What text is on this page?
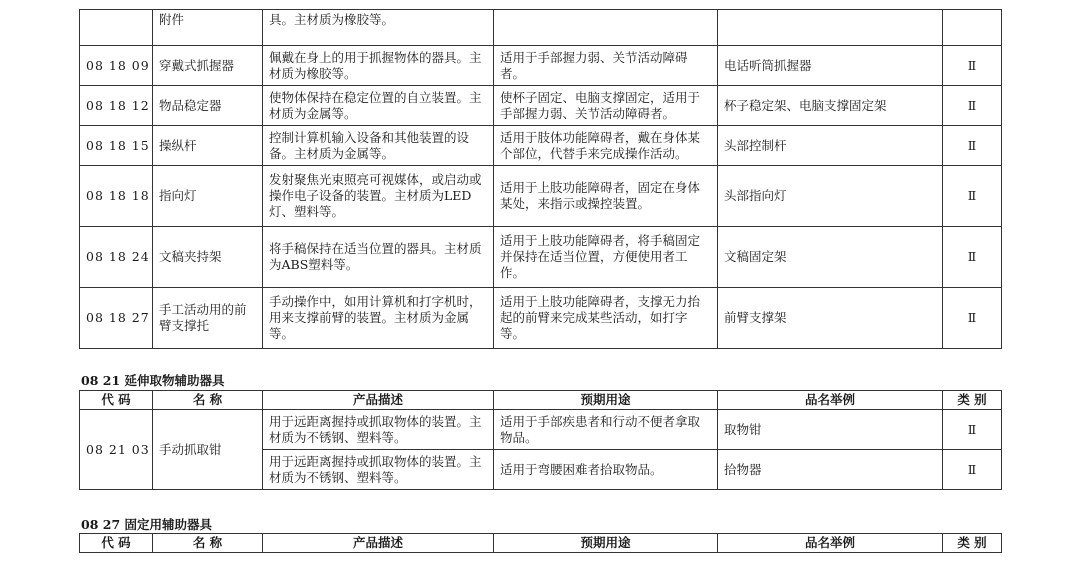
	附件	具。主材质为橡胶等。			
08 18 09	穿戴式抓握器	佩戴在身上的用于抓握物体的器具。主材质为橡胶等。	适用于手部握力弱、关节活动障碍者。	电话听筒抓握器	Ⅱ
08 18 12	物品稳定器	使物体保持在稳定位置的自立装置。主材质为金属等。	使杯子固定、电脑支撑固定，适用于手部握力弱、关节活动障碍者。	杯子稳定架、电脑支撑固定架	Ⅱ
08 18 15	操纵杆	控制计算机输入设备和其他装置的设备。主材质为金属等。	适用于肢体功能障碍者，戴在身体某个部位，代替手来完成操作活动。	头部控制杆	Ⅱ
08 18 18	指向灯	发射聚焦光束照亮可视媒体，或启动或操作电子设备的装置。主材质为LED灯、塑料等。	适用于上肢功能障碍者，固定在身体某处，来指示或操控装置。	头部指向灯	Ⅱ
08 18 24	文稿夹持架	将手稿保持在适当位置的器具。主材质为ABS塑料等。	适用于上肢功能障碍者，将手稿固定并保持在适当位置，方便使用者工作。	文稿固定架	Ⅱ
08 18 27	手工活动用的前臂支撑托	手动操作中，如用计算机和打字机时，用来支撑前臂的装置。主材质为金属等。	适用于上肢功能障碍者，支撑无力抬起的前臂来完成某些活动，如打字等。	前臂支撑架	Ⅱ
08 21 延伸取物辅助器具
代 码	名 称	产品描述	预期用途	品名举例	类 别
08 21 03	手动抓取钳	用于远距离握持或抓取物体的装置。主材质为不锈钢、塑料等。	适用于手部疾患者和行动不便者拿取物品。	取物钳	Ⅱ
		用于远距离握持或抓取物体的装置。主材质为不锈钢、塑料等。	适用于弯腰困难者拾取物品。	拾物器	Ⅱ
08 27 固定用辅助器具
代 码	名 称	产品描述	预期用途	品名举例	类 别
